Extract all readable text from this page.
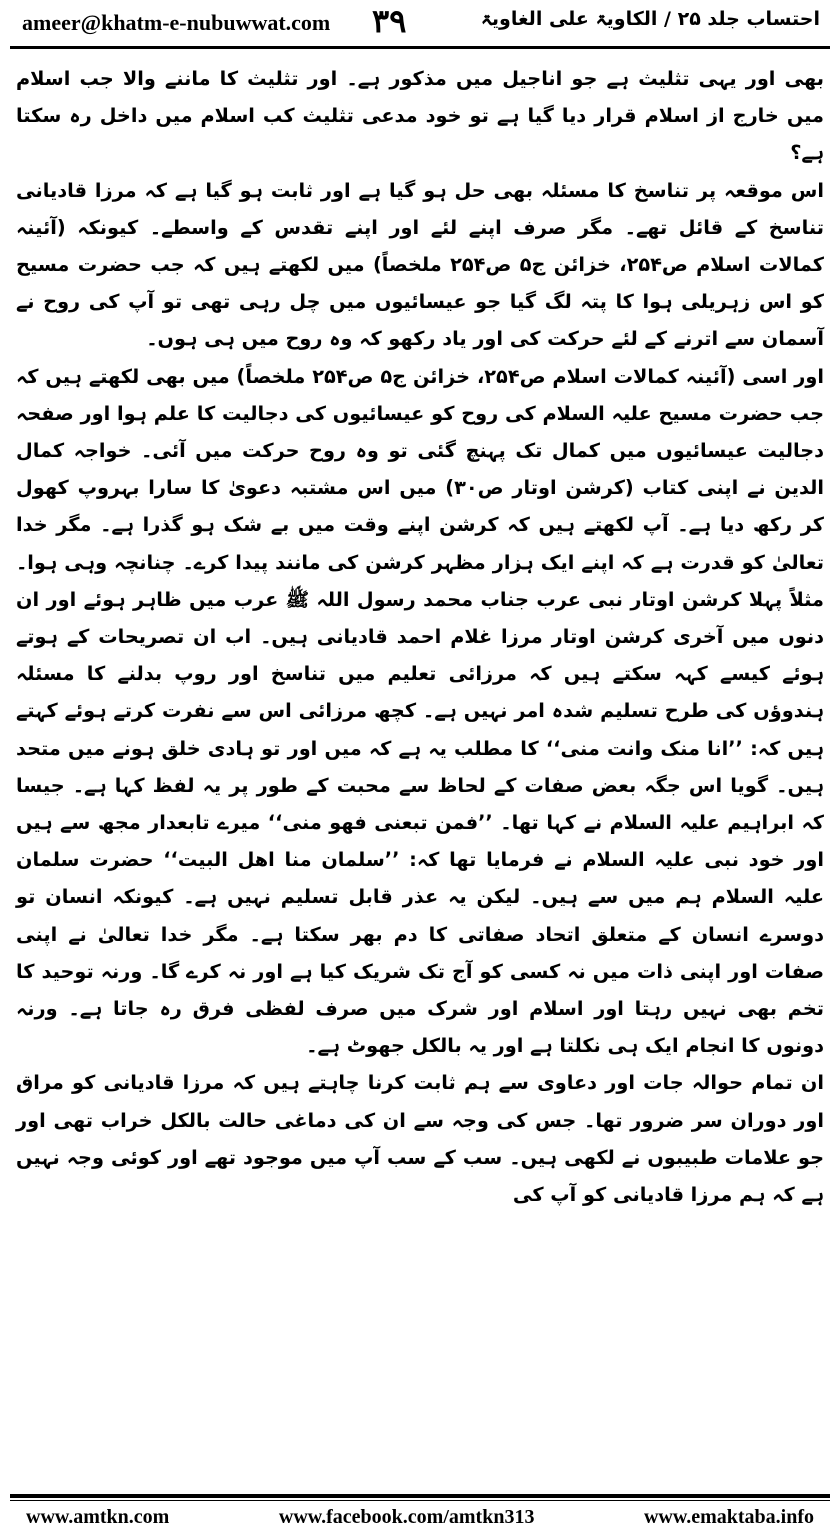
ameer@khatm-e-nubuwwat.com ۳۹	احتساب جلد ۲۵ / الکاویۃ علی الغاویۃ

بھی اور یہی تثلیث ہے جو اناجیل میں مذکور ہے۔ اور تثلیث کا ماننے والا جب اسلام میں خارج از اسلام قرار دیا گیا ہے تو خود مدعی تثلیث کب اسلام میں داخل رہ سکتا ہے؟

اس موقعہ پر تناسخ کا مسئلہ بھی حل ہو گیا ہے اور ثابت ہو گیا ہے کہ مرزا قادیانی تناسخ کے قائل تھے۔ مگر صرف اپنے لئے اور اپنے تقدس کے واسطے۔ کیونکہ (آئینہ کمالات اسلام ص۲۵۴، خزائن ج۵ ص۲۵۴ ملخصاً) میں لکھتے ہیں کہ جب حضرت مسیح کو اس زہریلی ہوا کا پتہ لگ گیا جو عیسائیوں میں چل رہی تھی تو آپ کی روح نے آسمان سے اترنے کے لئے حرکت کی اور یاد رکھو کہ وہ روح میں ہی ہوں۔

اور اسی (آئینہ کمالات اسلام ص۲۵۴، خزائن ج۵ ص۲۵۴ ملخصاً) میں بھی لکھتے ہیں کہ جب حضرت مسیح علیہ السلام کی روح کو عیسائیوں کی دجالیت کا علم ہوا اور صفحہ دجالیت عیسائیوں میں کمال تک پہنچ گئی تو وہ روح حرکت میں آئی۔ خواجہ کمال الدین نے اپنی کتاب (کرشن اوتار ص۳۰) میں اس مشتبہ دعویٰ کا سارا بہروپ کھول کر رکھ دیا ہے۔ آپ لکھتے ہیں کہ کرشن اپنے وقت میں بے شک ہو گذرا ہے۔ مگر خدا تعالیٰ کو قدرت ہے کہ اپنے ایک ہزار مظہر کرشن کی مانند پیدا کرے۔ چنانچہ وہی ہوا۔ مثلاً پہلا کرشن اوتار نبی عرب جناب محمد رسول اللہ ﷺ عرب میں ظاہر ہوئے اور ان دنوں میں آخری کرشن اوتار مرزا غلام احمد قادیانی ہیں۔ اب ان تصریحات کے ہوتے ہوئے کیسے کہہ سکتے ہیں کہ مرزائی تعلیم میں تناسخ اور روپ بدلنے کا مسئلہ ہندوؤں کی طرح تسلیم شدہ امر نہیں ہے۔ کچھ مرزائی اس سے نفرت کرتے ہوئے کہتے ہیں کہ: ’’انا منک وانت منی‘‘ کا مطلب یہ ہے کہ میں اور تو ہادی خلق ہونے میں متحد ہیں۔ گویا اس جگہ بعض صفات کے لحاظ سے محبت کے طور پر یہ لفظ کہا ہے۔ جیسا کہ ابراہیم علیہ السلام نے کہا تھا۔ ’’فمن تبعنی فھو منی‘‘ میرے تابعدار مجھ سے ہیں اور خود نبی علیہ السلام نے فرمایا تھا کہ: ’’سلمان منا اھل البیت‘‘ حضرت سلمان علیہ السلام ہم میں سے ہیں۔ لیکن یہ عذر قابل تسلیم نہیں ہے۔ کیونکہ انسان تو دوسرے انسان کے متعلق اتحاد صفاتی کا دم بھر سکتا ہے۔ مگر خدا تعالیٰ نے اپنی صفات اور اپنی ذات میں نہ کسی کو آج تک شریک کیا ہے اور نہ کرے گا۔ ورنہ توحید کا تخم بھی نہیں رہتا اور اسلام اور شرک میں صرف لفظی فرق رہ جاتا ہے۔ ورنہ دونوں کا انجام ایک ہی نکلتا ہے اور یہ بالکل جھوٹ ہے۔

ان تمام حوالہ جات اور دعاوی سے ہم ثابت کرنا چاہتے ہیں کہ مرزا قادیانی کو مراق اور دوران سر ضرور تھا۔ جس کی وجہ سے ان کی دماغی حالت بالکل خراب تھی اور جو علامات طبیبوں نے لکھی ہیں۔ سب کے سب آپ میں موجود تھے اور کوئی وجہ نہیں ہے کہ ہم مرزا قادیانی کو آپ کی

www.amtkn.com	www.facebook.com/amtkn313	www.emaktaba.info
